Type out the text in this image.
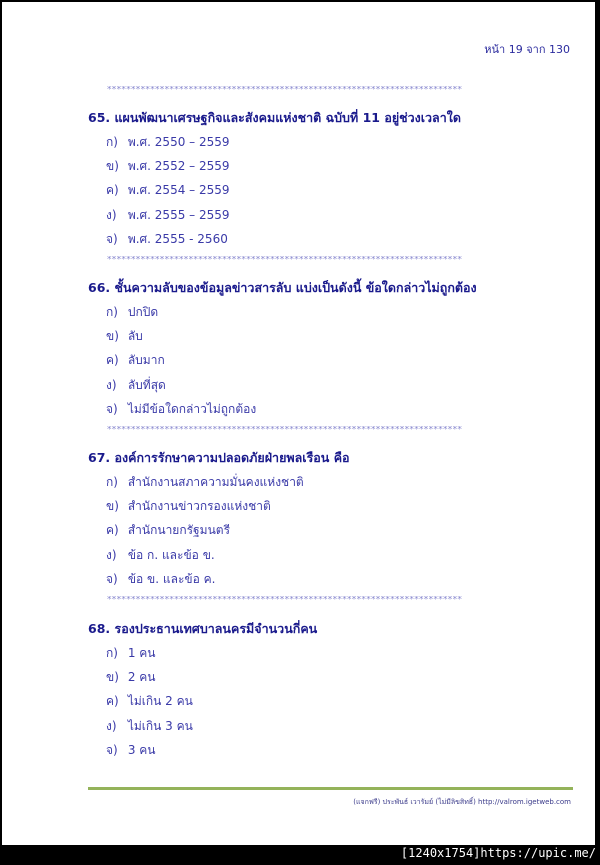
หน้า 19 จาก 130
**************************************************************************
65. แผนพัฒนาเศรษฐกิจและสังคมแห่งชาติ ฉบับที่ 11 อยู่ช่วงเวลาใด
ก) พ.ศ. 2550 – 2559
ข) พ.ศ. 2552 – 2559
ค) พ.ศ. 2554 – 2559
ง) พ.ศ. 2555 – 2559
จ) พ.ศ. 2555 - 2560
**************************************************************************
66. ชั้นความลับของข้อมูลข่าวสารลับ แบ่งเป็นดังนี้ ข้อใดกล่าวไม่ถูกต้อง
ก) ปกปิด
ข) ลับ
ค) ลับมาก
ง) ลับที่สุด
จ) ไม่มีข้อใดกล่าวไม่ถูกต้อง
**************************************************************************
67. องค์การรักษาความปลอดภัยฝ่ายพลเรือน คือ
ก) สำนักงานสภาความมั่นคงแห่งชาติ
ข) สำนักงานข่าวกรองแห่งชาติ
ค) สำนักนายกรัฐมนตรี
ง) ข้อ ก. และข้อ ข.
จ) ข้อ ข. และข้อ ค.
**************************************************************************
68. รองประธานเทศบาลนครมีจำนวนกี่คน
ก) 1 คน
ข) 2 คน
ค) ไม่เกิน 2 คน
ง) ไม่เกิน 3 คน
จ) 3 คน
(แจกฟรี) ประพันธ์ เวารัมย์ (ไม่มีลิขสิทธิ์) http://valrom.igetweb.com
[1240x1754]https://upic.me/
